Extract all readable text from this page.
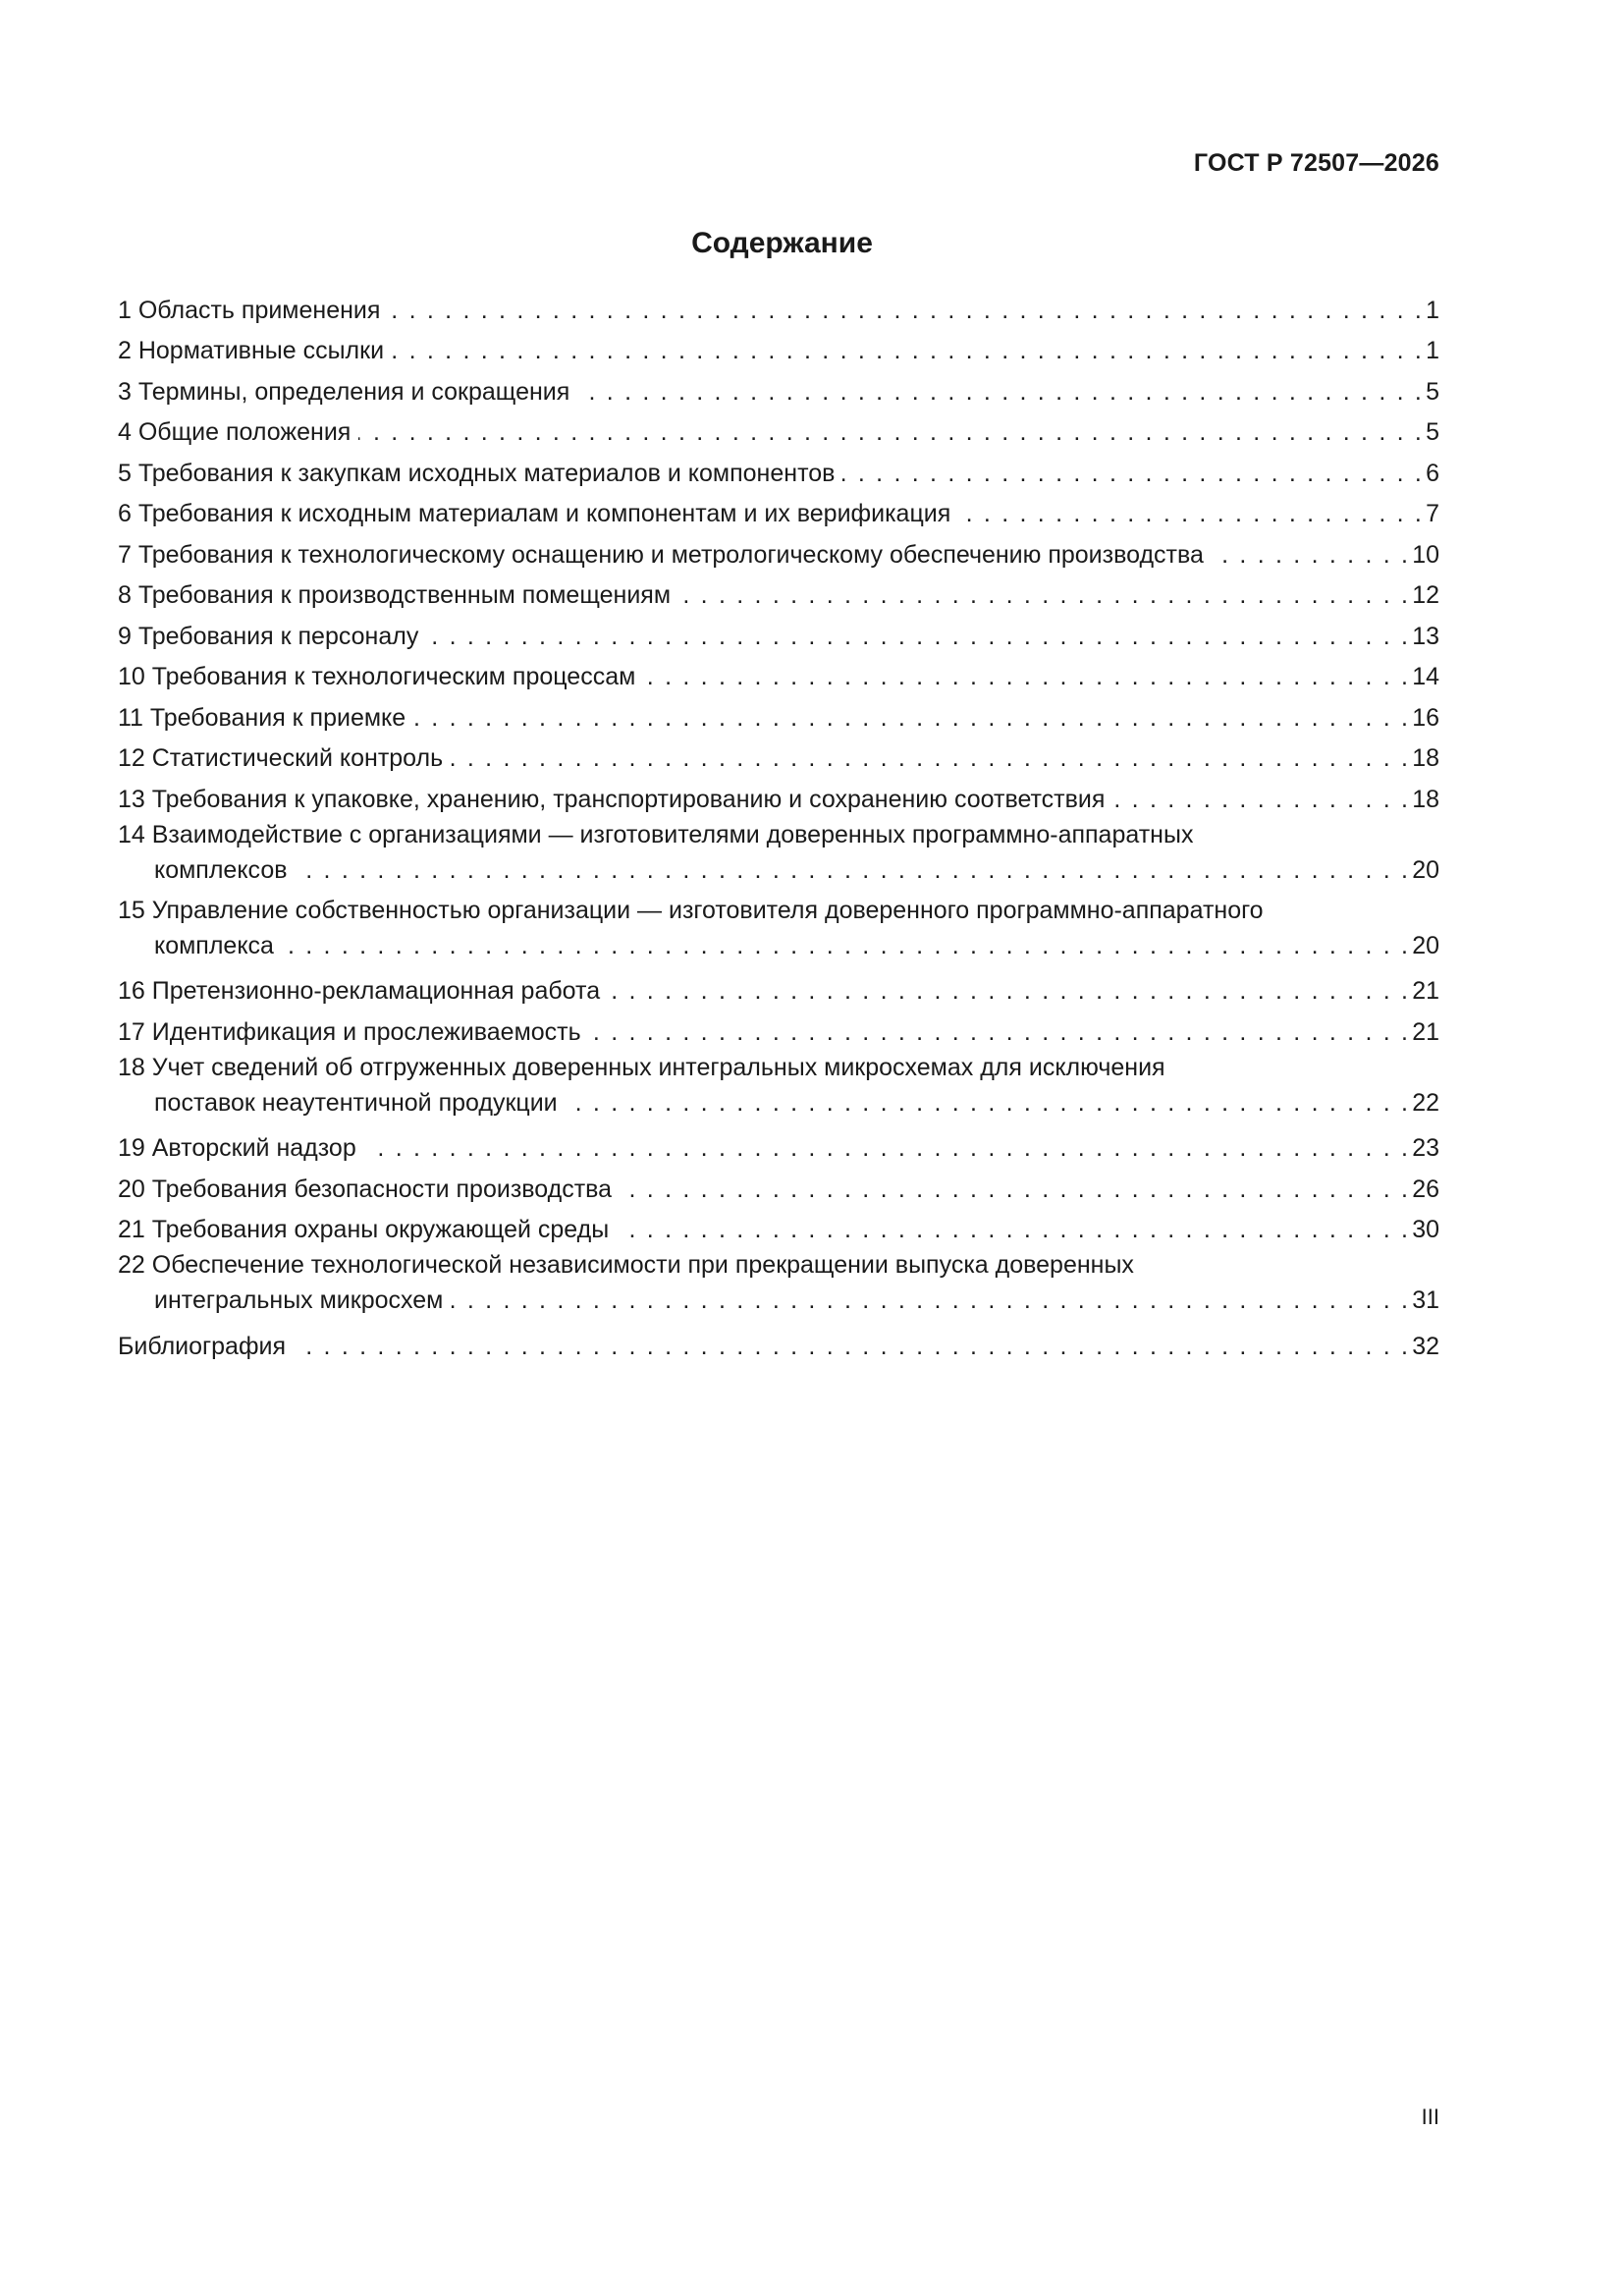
ГОСТ Р 72507—2026
Содержание
1 Область применения . . .	1
2 Нормативные ссылки . . .	1
3 Термины, определения и сокращения . . .	5
4 Общие положения . . .	5
5 Требования к закупкам исходных материалов и компонентов . . .	6
6 Требования к исходным материалам и компонентам и их верификация . . .	7
7 Требования к технологическому оснащению и метрологическому обеспечению производства . . .	10
8 Требования к производственным помещениям . . .	12
9 Требования к персоналу . . .	13
10 Требования к технологическим процессам . . .	14
11 Требования к приемке . . .	16
12 Статистический контроль . . .	18
13 Требования к упаковке, хранению, транспортированию и сохранению соответствия . . .	18
14 Взаимодействие с организациями — изготовителями доверенных программно-аппаратных
комплексов . . .	20
15 Управление собственностью организации — изготовителя доверенного программно-аппаратного
комплекса . . .	20
16 Претензионно-рекламационная работа . . .	21
17 Идентификация и прослеживаемость . . .	21
18 Учет сведений об отгруженных доверенных интегральных микросхемах для исключения
поставок неаутентичной продукции . . .	22
19 Авторский надзор . . .	23
20 Требования безопасности производства . . .	26
21 Требования охраны окружающей среды . . .	30
22 Обеспечение технологической независимости при прекращении выпуска доверенных
интегральных микросхем . . .	31
Библиография . . .	32
III
